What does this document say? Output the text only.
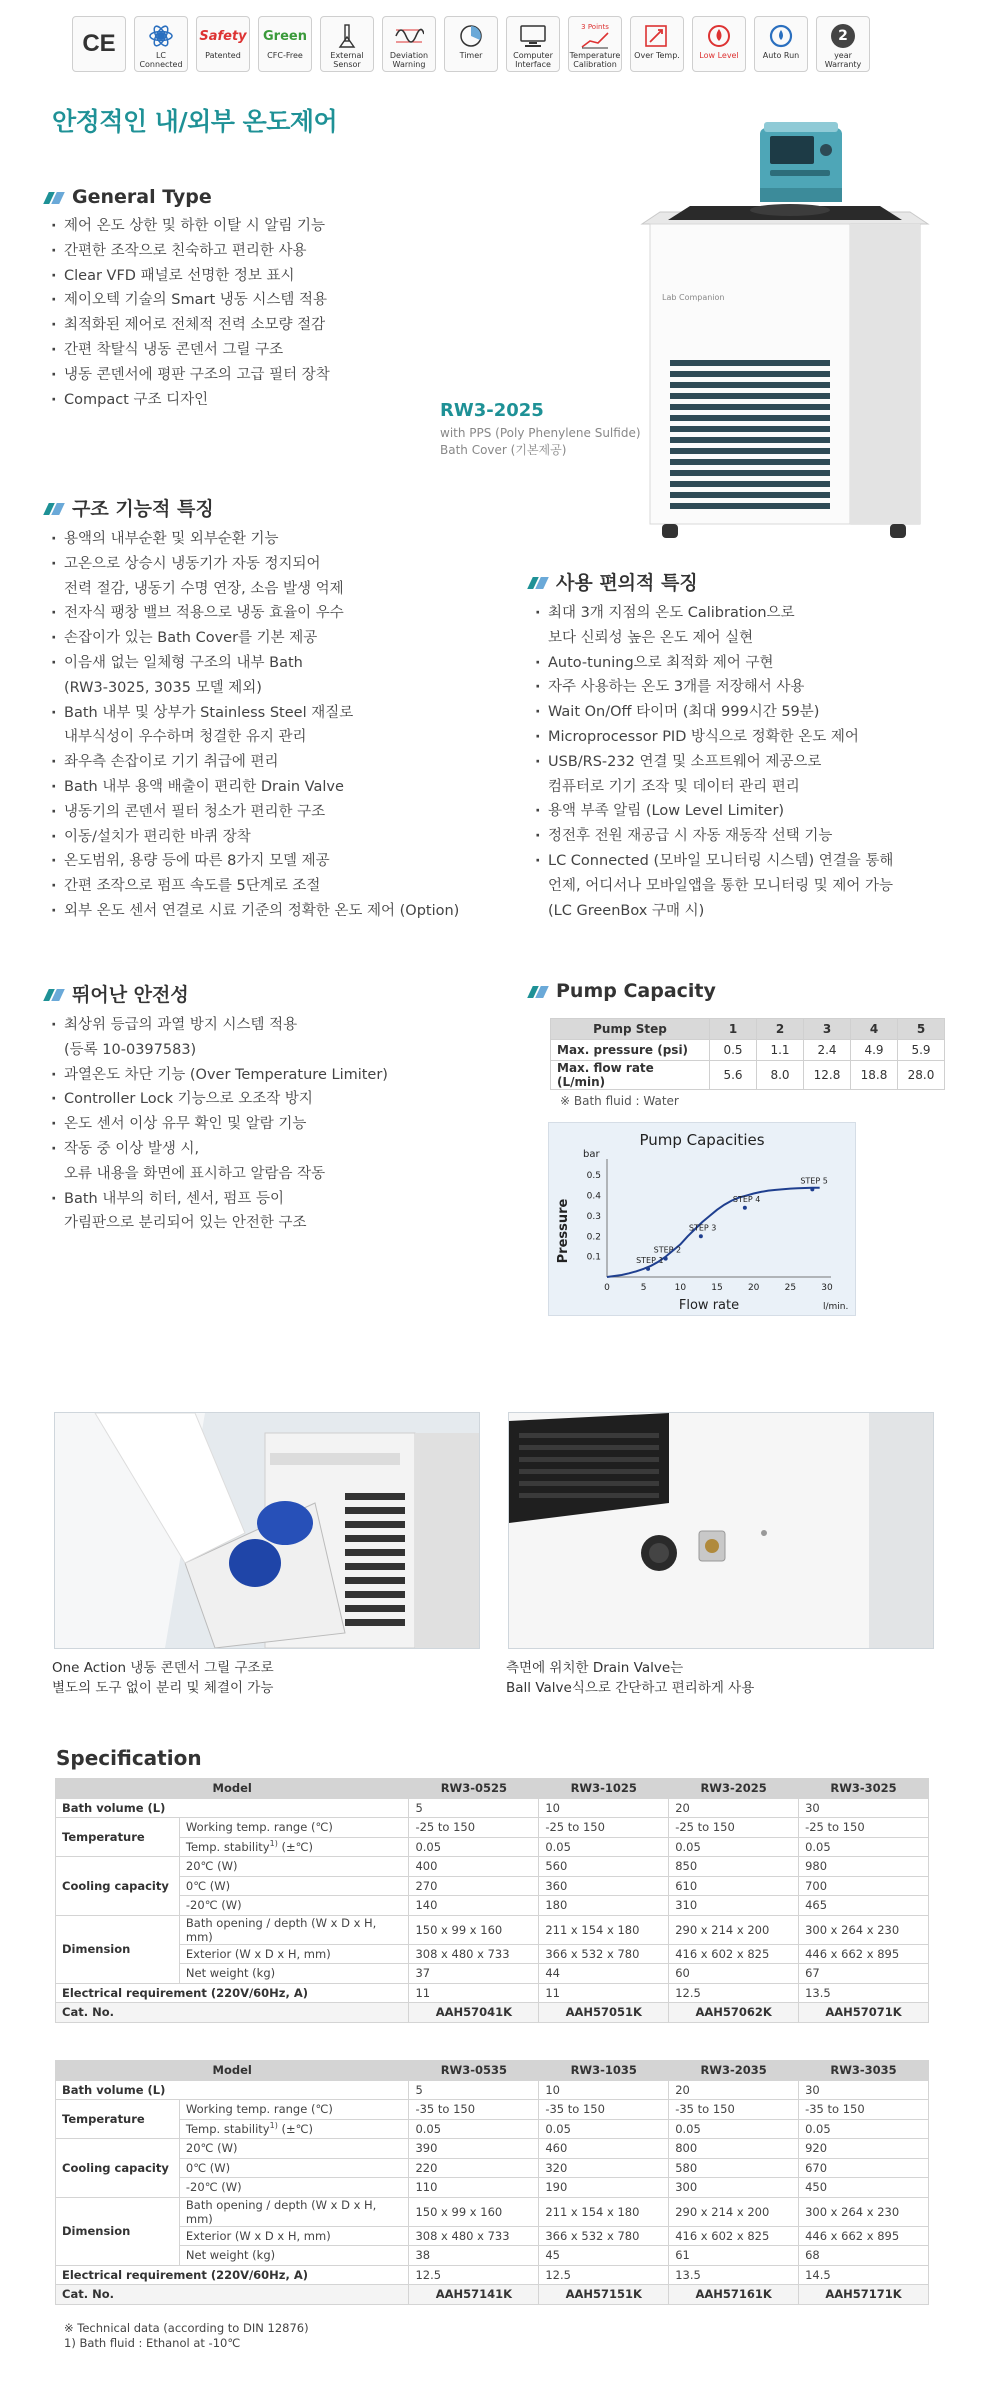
CE	LC Connected
Safety
Patented
Green
CFC-Free	External Sensor
Deviation Warning
Timer	Computer Interface
3 Points
Temperature Calibration
Over Temp. Low Level	Auto Run
2
year Warranty
안정적인 내/외부 온도제어
General Type
· 제어 온도 상한 및 하한 이탈 시 알림 기능
· 간편한 조작으로 친숙하고 편리한 사용
· Clear VFD 패널로 선명한 정보 표시
· 제이오텍 기술의 Smart 냉동 시스템 적용
· 최적화된 제어로 전체적 전력 소모량 절감
· 간편 착탈식 냉동 콘덴서 그릴 구조
· 냉동 콘덴서에 평판 구조의 고급 필터 장착
· Compact 구조 디자인
Lab Companion
RW3-2025
with PPS (Poly Phenylene Sulfide)
Bath Cover (기본제공)
구조 기능적 특징
· 용액의 내부순환 및 외부순환 기능
· 고온으로 상승시 냉동기가 자동 정지되어
전력 절감, 냉동기 수명 연장, 소음 발생 억제
· 전자식 팽창 밸브 적용으로 냉동 효율이 우수
· 손잡이가 있는 Bath Cover를 기본 제공
· 이음새 없는 일체형 구조의 내부 Bath
(RW3-3025, 3035 모델 제외)
· Bath 내부 및 상부가 Stainless Steel 재질로
내부식성이 우수하며 청결한 유지 관리
· 좌우측 손잡이로 기기 취급에 편리
· Bath 내부 용액 배출이 편리한 Drain Valve
· 냉동기의 콘덴서 필터 청소가 편리한 구조
· 이동/설치가 편리한 바퀴 장착
· 온도범위, 용량 등에 따른 8가지 모델 제공
· 간편 조작으로 펌프 속도를 5단계로 조절
· 외부 온도 센서 연결로 시료 기준의 정확한 온도 제어 (Option)
사용 편의적 특징
· 최대 3개 지점의 온도 Calibration으로
보다 신뢰성 높은 온도 제어 실현
· Auto-tuning으로 최적화 제어 구현
· 자주 사용하는 온도 3개를 저장해서 사용
· Wait On/Off 타이머 (최대 999시간 59분)
· Microprocessor PID 방식으로 정확한 온도 제어
· USB/RS-232 연결 및 소프트웨어 제공으로
컴퓨터로 기기 조작 및 데이터 관리 편리
· 용액 부족 알림 (Low Level Limiter)
· 정전후 전원 재공급 시 자동 재동작 선택 기능
· LC Connected (모바일 모니터링 시스템) 연결을 통해
언제, 어디서나 모바일앱을 통한 모니터링 및 제어 가능
(LC GreenBox 구매 시)
뛰어난 안전성
· 최상위 등급의 과열 방지 시스템 적용
(등록 10-0397583)
· 과열온도 차단 기능 (Over Temperature Limiter)
· Controller Lock 기능으로 오조작 방지
· 온도 센서 이상 유무 확인 및 알람 기능
· 작동 중 이상 발생 시,
오류 내용을 화면에 표시하고 알람음 작동
· Bath 내부의 히터, 센서, 펌프 등이
가림판으로 분리되어 있는 안전한 구조
Pump Capacity
Pump Step	1	2	3	4	5
Max. pressure (psi)	0.5	1.1	2.4	4.9	5.9
Max. flow rate (L/min)	5.6	8.0	12.8	18.8	28.0
※ Bath fluid : Water
Pump Capacities
bar
Pressure
Flow rate	l/min.
0	5	10	15	20	25	30
0.1
0.2
0.3
0.4
0.5
STEP 1
STEP 2
STEP 3
STEP 4
STEP 5
One Action 냉동 콘덴서 그릴 구조로
별도의 도구 없이 분리 및 체결이 가능
측면에 위치한 Drain Valve는
Ball Valve식으로 간단하고 편리하게 사용
Specification
Model		RW3-0525	RW3-1025	RW3-2025	RW3-3025
Bath volume (L)		5	10	20	30
Temperature	Working temp. range (℃)	-25 to 150	-25 to 150	-25 to 150	-25 to 150
	Temp. stability$^{1)}$ (±℃)	0.05	0.05	0.05	0.05
Cooling capacity	20℃ (W)	400	560	850	980
	0℃ (W)	270	360	610	700
	-20℃ (W)	140	180	310	465
Dimension	Bath opening / depth (W x D x H, mm)	150 x 99 x 160	211 x 154 x 180	290 x 214 x 200	300 x 264 x 230
	Exterior (W x D x H, mm)	308 x 480 x 733	366 x 532 x 780	416 x 602 x 825	446 x 662 x 895
	Net weight (kg)	37	44	60	67
Electrical requirement (220V/60Hz, A)		11	11	12.5	13.5
Cat. No.		AAH57041K	AAH57051K	AAH57062K	AAH57071K
Model		RW3-0535	RW3-1035	RW3-2035	RW3-3035
Bath volume (L)		5	10	20	30
Temperature	Working temp. range (℃)	-35 to 150	-35 to 150	-35 to 150	-35 to 150
	Temp. stability$^{1)}$ (±℃)	0.05	0.05	0.05	0.05
Cooling capacity	20℃ (W)	390	460	800	920
	0℃ (W)	220	320	580	670
	-20℃ (W)	110	190	300	450
Dimension	Bath opening / depth (W x D x H, mm)	150 x 99 x 160	211 x 154 x 180	290 x 214 x 200	300 x 264 x 230
	Exterior (W x D x H, mm)	308 x 480 x 733	366 x 532 x 780	416 x 602 x 825	446 x 662 x 895
	Net weight (kg)	38	45	61	68
Electrical requirement (220V/60Hz, A)		12.5	12.5	13.5	14.5
Cat. No.		AAH57141K	AAH57151K	AAH57161K	AAH57171K
※ Technical data (according to DIN 12876)
1) Bath fluid : Ethanol at -10℃
